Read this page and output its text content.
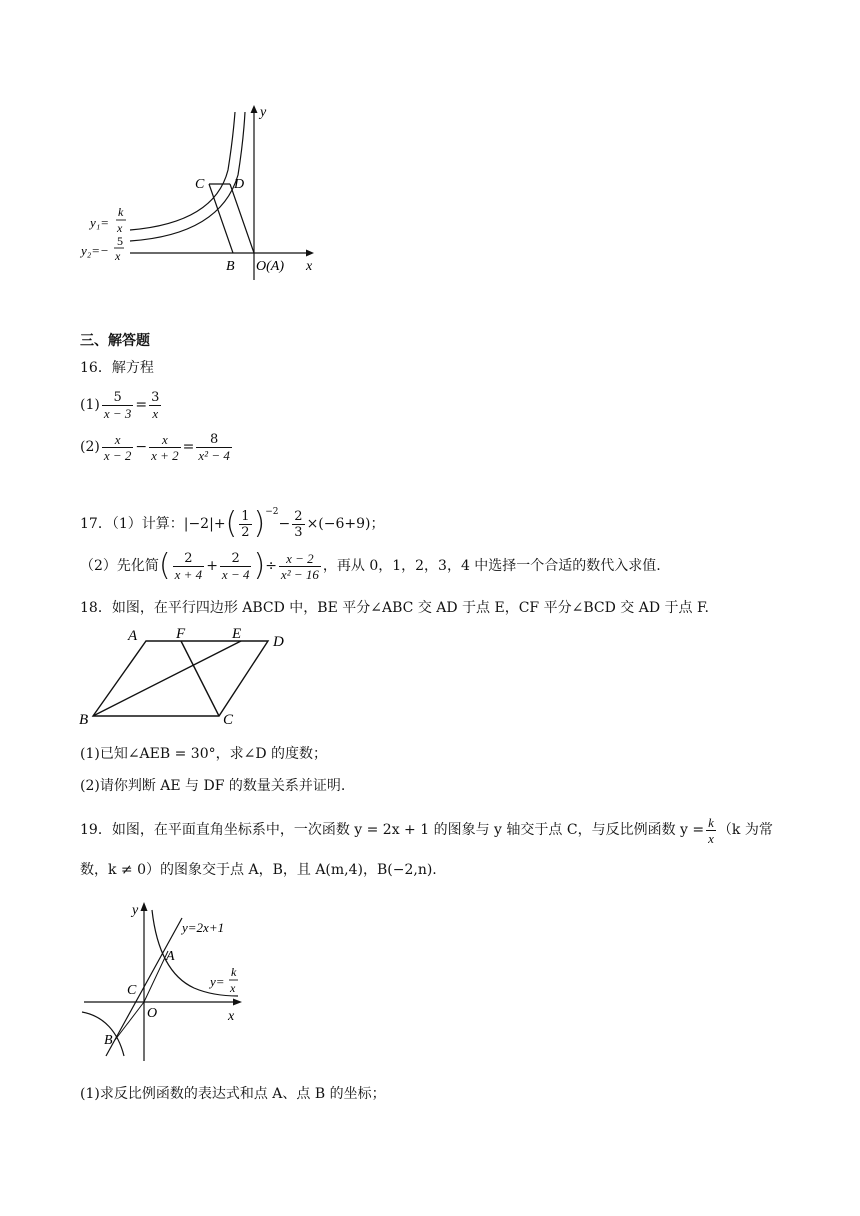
y
x
C D
B O(A)
y₁=
k
x
y₂=−
5
x
三、解答题
16．解方程
$(1) \frac{5}{x - 3} = \frac{3}{x}$
$(2) \frac{x}{x - 2} - \frac{x}{x + 2} = \frac{8}{\text{x² − 4}}$
17．（1）计算：$|-2|+( \frac{1}{2} )^{-2}- \frac{2}{3} \times(-6+9)$；
（2）先化简( $\frac{2}{x + 4} + \frac{2}{x - 4}$ )÷ $\frac{x - 2}{\text{x² − 16}}$ ，再从 0，1，2，3，4 中选择一个合适的数代入求值.
18．如图，在平行四边形 ABCD 中，BE 平分∠ABC 交 AD 于点 E，CF 平分∠BCD 交 AD 于点 F.
A	F	E D
B	C
(1)已知∠AEB = 30°，求∠D 的度数；
(2)请你判断 AE 与 DF 的数量关系并证明.
19．如图，在平面直角坐标系中，一次函数 y = 2x + 1 的图象与 y 轴交于点 C，与反比例函数 $y = \frac{k}{x} (k$ 为常
数，k ≠ 0）的图象交于点 A，B，且 A(m,4)，B(−2,n).
y
x
y=2x+1
y=
k
x
A
C
O
B
(1)求反比例函数的表达式和点 A、点 B 的坐标；
